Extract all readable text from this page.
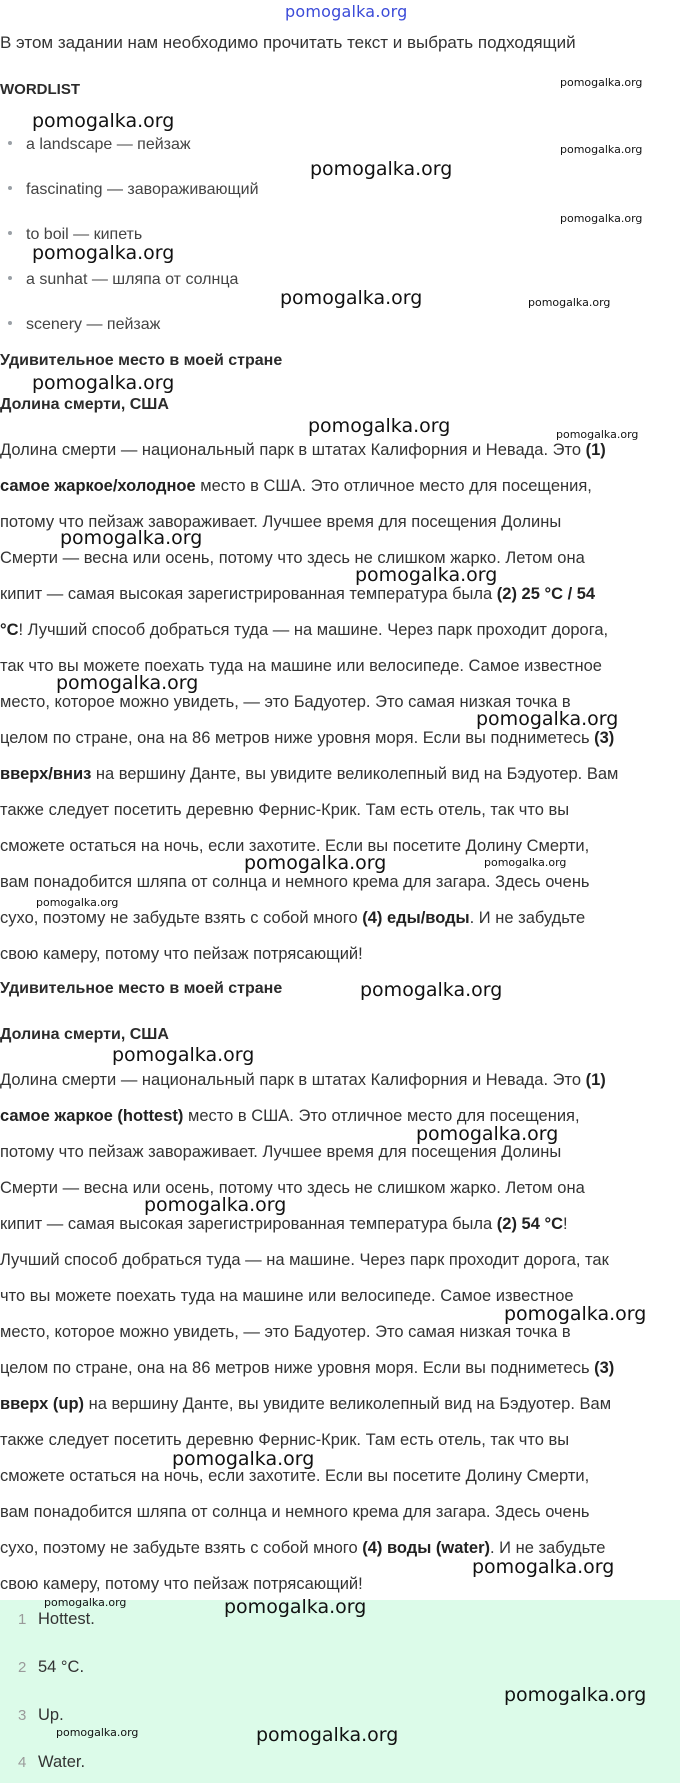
pomogalka.org
В этом задании нам необходимо прочитать текст и выбрать подходящий
WORDLIST
a landscape — пейзаж
fascinating — завораживающий
to boil — кипеть
a sunhat — шляпа от солнца
scenery — пейзаж
Удивительное место в моей стране
Долина смерти, США
Долина смерти — национальный парк в штатах Калифорния и Невада. Это (1)
самое жаркое/холодное место в США. Это отличное место для посещения,
потому что пейзаж завораживает. Лучшее время для посещения Долины
Смерти — весна или осень, потому что здесь не слишком жарко. Летом она
кипит — самая высокая зарегистрированная температура была (2) 25 °C / 54
°C! Лучший способ добраться туда — на машине. Через парк проходит дорога,
так что вы можете поехать туда на машине или велосипеде. Самое известное
место, которое можно увидеть, — это Бадуотер. Это самая низкая точка в
целом по стране, она на 86 метров ниже уровня моря. Если вы подниметесь (3)
вверх/вниз на вершину Данте, вы увидите великолепный вид на Бэдуотер. Вам
также следует посетить деревню Фернис-Крик. Там есть отель, так что вы
сможете остаться на ночь, если захотите. Если вы посетите Долину Смерти,
вам понадобится шляпа от солнца и немного крема для загара. Здесь очень
сухо, поэтому не забудьте взять с собой много (4) еды/воды. И не забудьте
свою камеру, потому что пейзаж потрясающий!
Удивительное место в моей стране
Долина смерти, США
Долина смерти — национальный парк в штатах Калифорния и Невада. Это (1)
самое жаркое (hottest) место в США. Это отличное место для посещения,
потому что пейзаж завораживает. Лучшее время для посещения Долины
Смерти — весна или осень, потому что здесь не слишком жарко. Летом она
кипит — самая высокая зарегистрированная температура была (2) 54 °C!
Лучший способ добраться туда — на машине. Через парк проходит дорога, так
что вы можете поехать туда на машине или велосипеде. Самое известное
место, которое можно увидеть, — это Бадуотер. Это самая низкая точка в
целом по стране, она на 86 метров ниже уровня моря. Если вы подниметесь (3)
вверх (up) на вершину Данте, вы увидите великолепный вид на Бэдуотер. Вам
также следует посетить деревню Фернис-Крик. Там есть отель, так что вы
сможете остаться на ночь, если захотите. Если вы посетите Долину Смерти,
вам понадобится шляпа от солнца и немного крема для загара. Здесь очень
сухо, поэтому не забудьте взять с собой много (4) воды (water). И не забудьте
свою камеру, потому что пейзаж потрясающий!
1 Hottest.
2 54 °C.
3 Up.
4 Water.
pomogalka.org
pomogalka.org
pomogalka.org
pomogalka.org
pomogalka.org
pomogalka.org
pomogalka.org	pomogalka.org
pomogalka.org
pomogalka.org	pomogalka.org
pomogalka.org
pomogalka.org
pomogalka.org
pomogalka.org
pomogalka.org	pomogalka.org
pomogalka.org
pomogalka.org
pomogalka.org
pomogalka.org
pomogalka.org
pomogalka.org
pomogalka.org
pomogalka.org
pomogalka.org	pomogalka.org
pomogalka.org
pomogalka.org	pomogalka.org
